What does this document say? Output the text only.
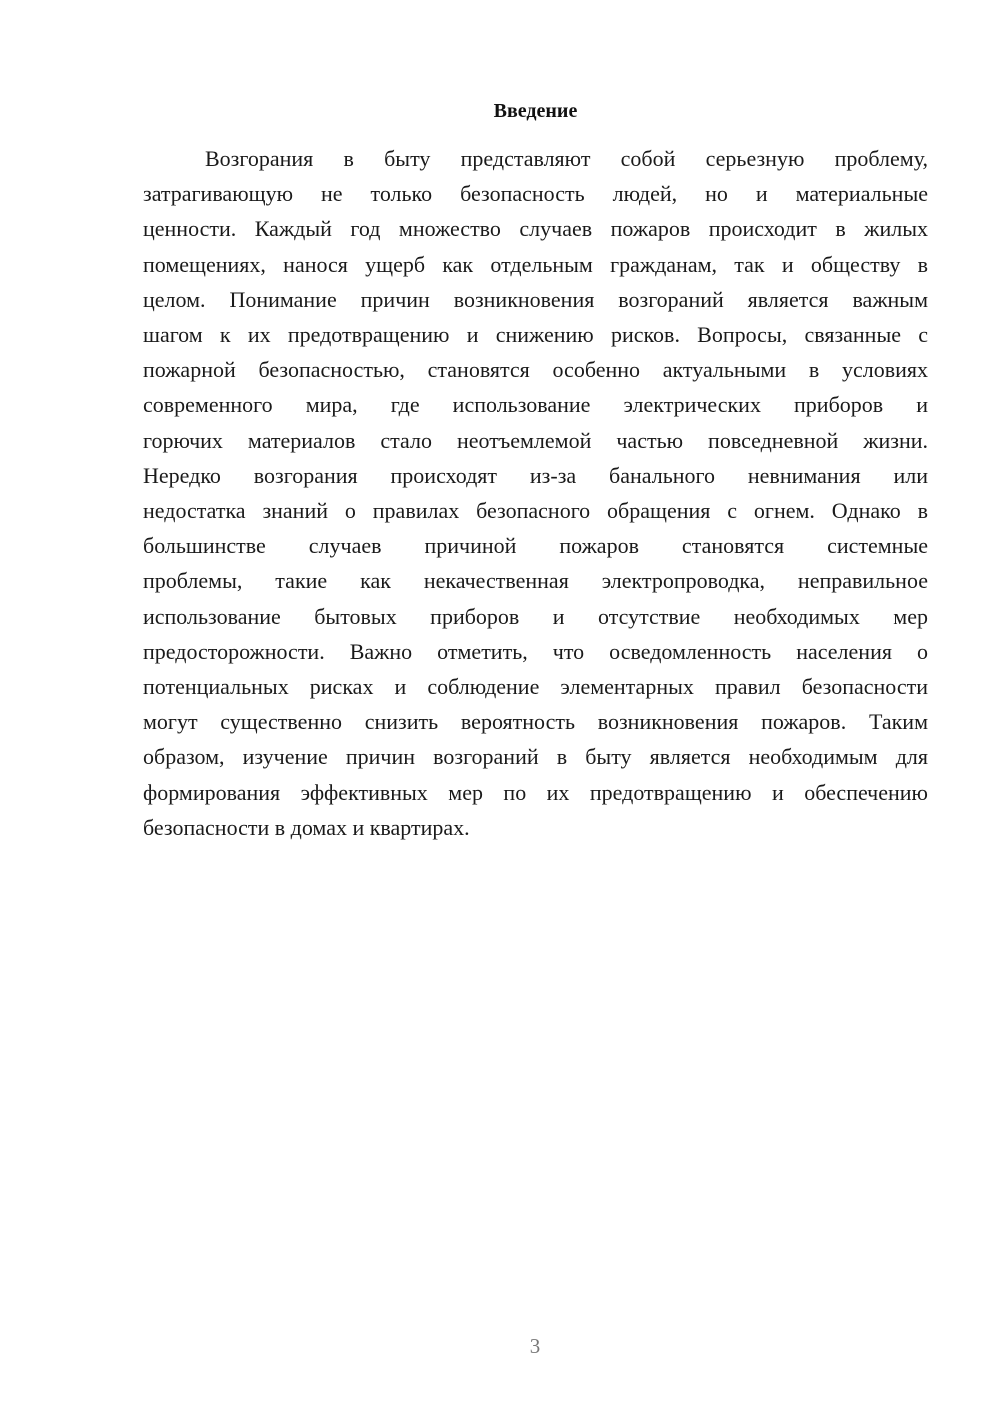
Введение

Возгорания в быту представляют собой серьезную проблему,
затрагивающую не только безопасность людей, но и материальные
ценности. Каждый год множество случаев пожаров происходит в жилых
помещениях, нанося ущерб как отдельным гражданам, так и обществу в
целом. Понимание причин возникновения возгораний является важным
шагом к их предотвращению и снижению рисков. Вопросы, связанные с
пожарной безопасностью, становятся особенно актуальными в условиях
современного мира, где использование электрических приборов и
горючих материалов стало неотъемлемой частью повседневной жизни.
Нередко возгорания происходят из-за банального невнимания или
недостатка знаний о правилах безопасного обращения с огнем. Однако в
большинстве случаев причиной пожаров становятся системные
проблемы, такие как некачественная электропроводка, неправильное
использование бытовых приборов и отсутствие необходимых мер
предосторожности. Важно отметить, что осведомленность населения о
потенциальных рисках и соблюдение элементарных правил безопасности
могут существенно снизить вероятность возникновения пожаров. Таким
образом, изучение причин возгораний в быту является необходимым для
формирования эффективных мер по их предотвращению и обеспечению
безопасности в домах и квартирах.

3
